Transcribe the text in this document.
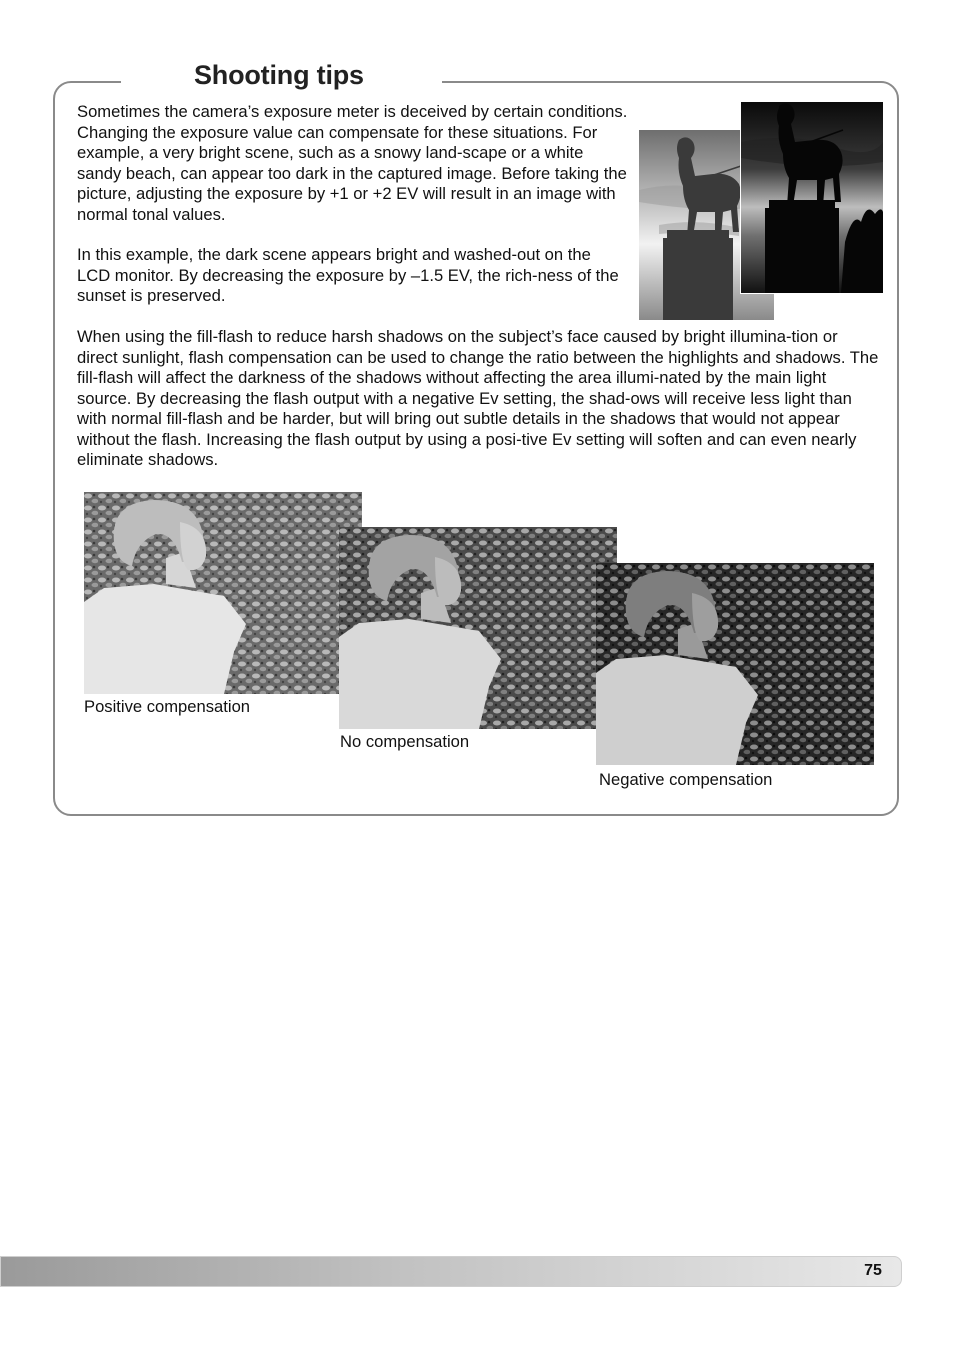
Shooting tips

Sometimes the camera’s exposure meter is deceived by certain conditions. Changing the exposure value can compensate for these situations. For example, a very bright scene, such as a snowy land-scape or a white sandy beach, can appear too dark in the captured image. Before taking the picture, adjusting the exposure by +1 or +2 EV will result in an image with normal tonal values.

In this example, the dark scene appears bright and washed-out on the LCD monitor. By decreasing the exposure by –1.5 EV, the rich-ness of the sunset is preserved.

When using the fill-flash to reduce harsh shadows on the subject’s face caused by bright illumina-tion or direct sunlight, flash compensation can be used to change the ratio between the highlights and shadows. The fill-flash will affect the darkness of the shadows without affecting the area illumi-nated by the main light source. By decreasing the flash output with a negative Ev setting, the shad-ows will receive less light than with normal fill-flash and be harder, but will bring out subtle details in the shadows that would not appear without the flash. Increasing the flash output by using a posi-tive Ev setting will soften and can even nearly eliminate shadows.

Positive compensation

No compensation

Negative compensation

75
